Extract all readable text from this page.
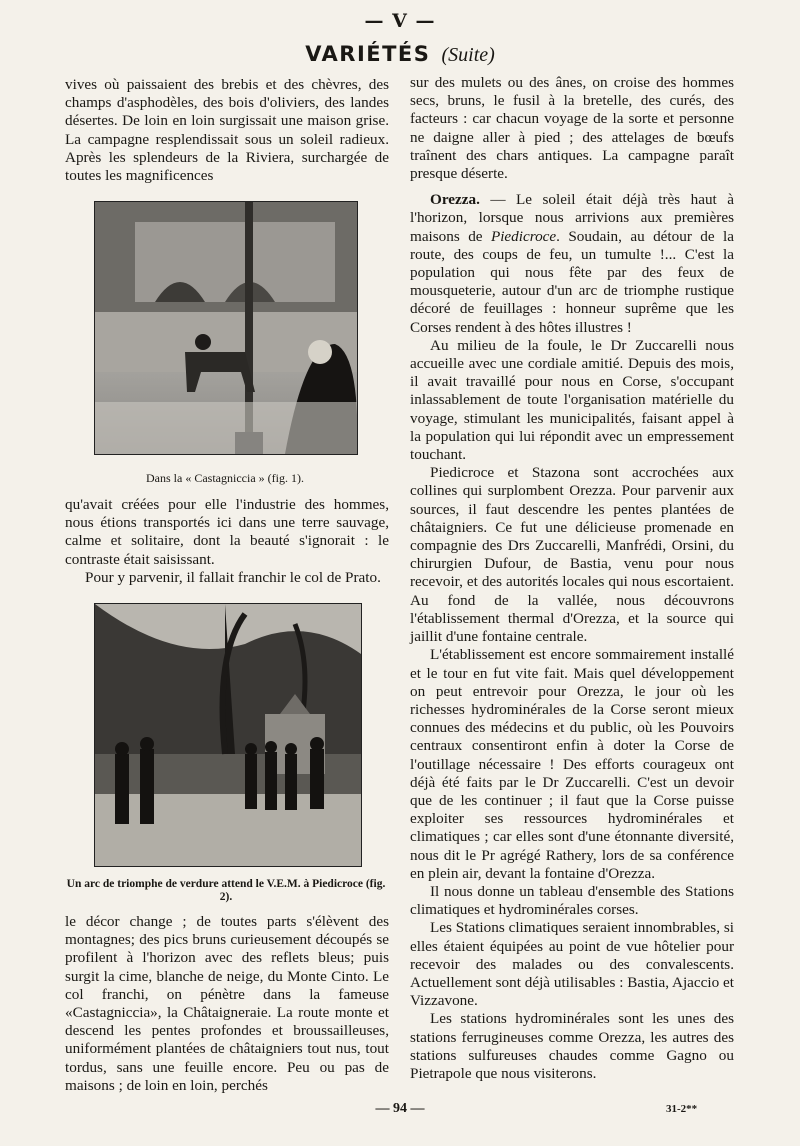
— V —
VARIÉTÉS (Suite)

vives où paissaient des brebis et des chèvres, des champs d'asphodèles, des bois d'oliviers, des landes désertes. De loin en loin surgissait une maison grise. La campagne resplendissait sous un soleil radieux. Après les splendeurs de la Riviera, surchargée de toutes les magnificences

Dans la « Castagniccia » (fig. 1).

qu'avait créées pour elle l'industrie des hommes, nous étions transportés ici dans une terre sauvage, calme et solitaire, dont la beauté s'ignorait : le contraste était saisissant.

Pour y parvenir, il fallait franchir le col de Prato.

Un arc de triomphe de verdure attend le V.E.M. à Piedicroce (fig. 2).

le décor change ; de toutes parts s'élèvent des montagnes; des pics bruns curieusement découpés se profilent à l'horizon avec des reflets bleus; puis surgit la cime, blanche de neige, du Monte Cinto. Le col franchi, on pénètre dans la fameuse «Castagniccia», la Châtaigneraie. La route monte et descend les pentes profondes et broussailleuses, uniformément plantées de châtaigniers tout nus, tout tordus, sans une feuille encore. Peu ou pas de maisons ; de loin en loin, perchés

sur des mulets ou des ânes, on croise des hommes secs, bruns, le fusil à la bretelle, des curés, des facteurs : car chacun voyage de la sorte et personne ne daigne aller à pied ; des attelages de bœufs traînent des chars antiques. La campagne paraît presque déserte.

Orezza. — Le soleil était déjà très haut à l'horizon, lorsque nous arrivions aux premières maisons de Piedicroce. Soudain, au détour de la route, des coups de feu, un tumulte !... C'est la population qui nous fête par des feux de mousqueterie, autour d'un arc de triomphe rustique décoré de feuillages : honneur suprême que les Corses rendent à des hôtes illustres !

Au milieu de la foule, le Dr Zuccarelli nous accueille avec une cordiale amitié. Depuis des mois, il avait travaillé pour nous en Corse, s'occupant inlassablement de toute l'organisation matérielle du voyage, stimulant les municipalités, faisant appel à la population qui lui répondit avec un empressement touchant.

Piedicroce et Stazona sont accrochées aux collines qui surplombent Orezza. Pour parvenir aux sources, il faut descendre les pentes plantées de châtaigniers. Ce fut une délicieuse promenade en compagnie des Drs Zuccarelli, Manfrédi, Orsini, du chirurgien Dufour, de Bastia, venu pour nous recevoir, et des autorités locales qui nous escortaient. Au fond de la vallée, nous découvrons l'établissement thermal d'Orezza, et la source qui jaillit d'une fontaine centrale.

L'établissement est encore sommairement installé et le tour en fut vite fait. Mais quel développement on peut entrevoir pour Orezza, le jour où les richesses hydrominérales de la Corse seront mieux connues des médecins et du public, où les Pouvoirs centraux consentiront enfin à doter la Corse de l'outillage nécessaire ! Des efforts courageux ont déjà été faits par le Dr Zuccarelli. C'est un devoir que de les continuer ; il faut que la Corse puisse exploiter ses ressources hydrominérales et climatiques ; car elles sont d'une étonnante diversité, nous dit le Pr agrégé Rathery, lors de sa conférence en plein air, devant la fontaine d'Orezza.

Il nous donne un tableau d'ensemble des Stations climatiques et hydrominérales corses.

Les Stations climatiques seraient innombrables, si elles étaient équipées au point de vue hôtelier pour recevoir des malades ou des convalescents. Actuellement sont déjà utilisables : Bastia, Ajaccio et Vizzavone.

Les stations hydrominérales sont les unes des stations ferrugineuses comme Orezza, les autres des stations sulfureuses chaudes comme Gagno ou Pietrapole que nous visiterons.

— 94 —	31-2**
